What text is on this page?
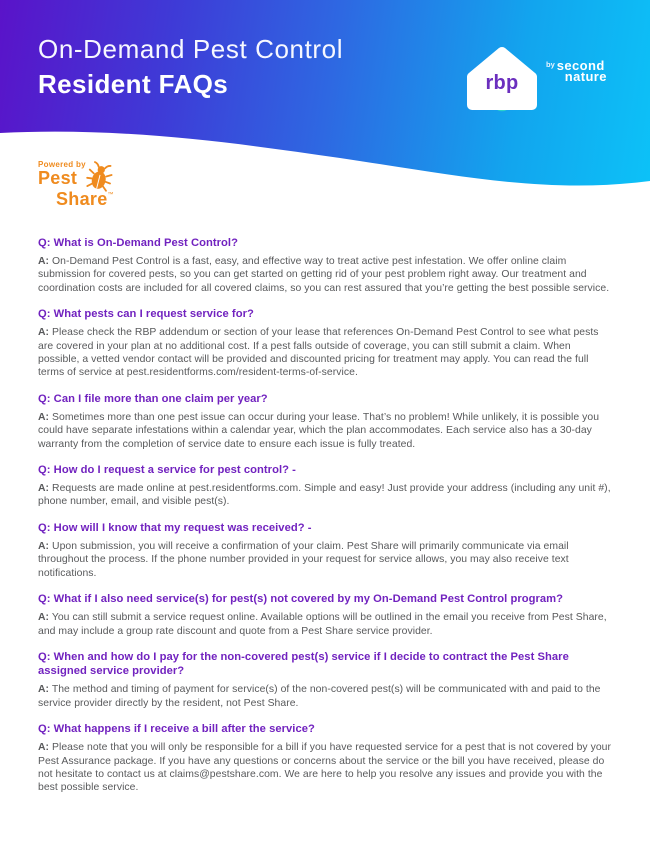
On-Demand Pest Control
Resident FAQs	rbp
$^{by}$ second
nature
Powered by
Pest
Share™
Q: What is On-Demand Pest Control?
A: On-Demand Pest Control is a fast, easy, and effective way to treat active pest infestation. We offer online claim submission for covered pests, so you can get started on getting rid of your pest problem right away. Our treatment and coordination costs are included for all covered claims, so you can rest assured that you’re getting the best possible service.
Q: What pests can I request service for?
A: Please check the RBP addendum or section of your lease that references On-Demand Pest Control to see what pests are covered in your plan at no additional cost. If a pest falls outside of coverage, you can still submit a claim. When possible, a vetted vendor contact will be provided and discounted pricing for treatment may apply. You can read the full terms of service at pest.residentforms.com/resident-terms-of-service.
Q: Can I file more than one claim per year?
A: Sometimes more than one pest issue can occur during your lease. That’s no problem! While unlikely, it is possible you could have separate infestations within a calendar year, which the plan accommodates. Each service also has a 30-day warranty from the completion of service date to ensure each issue is fully treated.
Q: How do I request a service for pest control? -
A: Requests are made online at pest.residentforms.com. Simple and easy! Just provide your address (including any unit #), phone number, email, and visible pest(s).
Q: How will I know that my request was received? -
A: Upon submission, you will receive a confirmation of your claim. Pest Share will primarily communicate via email throughout the process. If the phone number provided in your request for service allows, you may also receive text notifications.
Q: What if I also need service(s) for pest(s) not covered by my On-Demand Pest Control program?
A: You can still submit a service request online. Available options will be outlined in the email you receive from Pest Share, and may include a group rate discount and quote from a Pest Share service provider.
Q: When and how do I pay for the non-covered pest(s) service if I decide to contract the Pest Share assigned service provider?
A: The method and timing of payment for service(s) of the non-covered pest(s) will be communicated with and paid to the service provider directly by the resident, not Pest Share.
Q: What happens if I receive a bill after the service?
A: Please note that you will only be responsible for a bill if you have requested service for a pest that is not covered by your Pest Assurance package. If you have any questions or concerns about the service or the bill you have received, please do not hesitate to contact us at claims@pestshare.com. We are here to help you resolve any issues and provide you with the best possible service.
